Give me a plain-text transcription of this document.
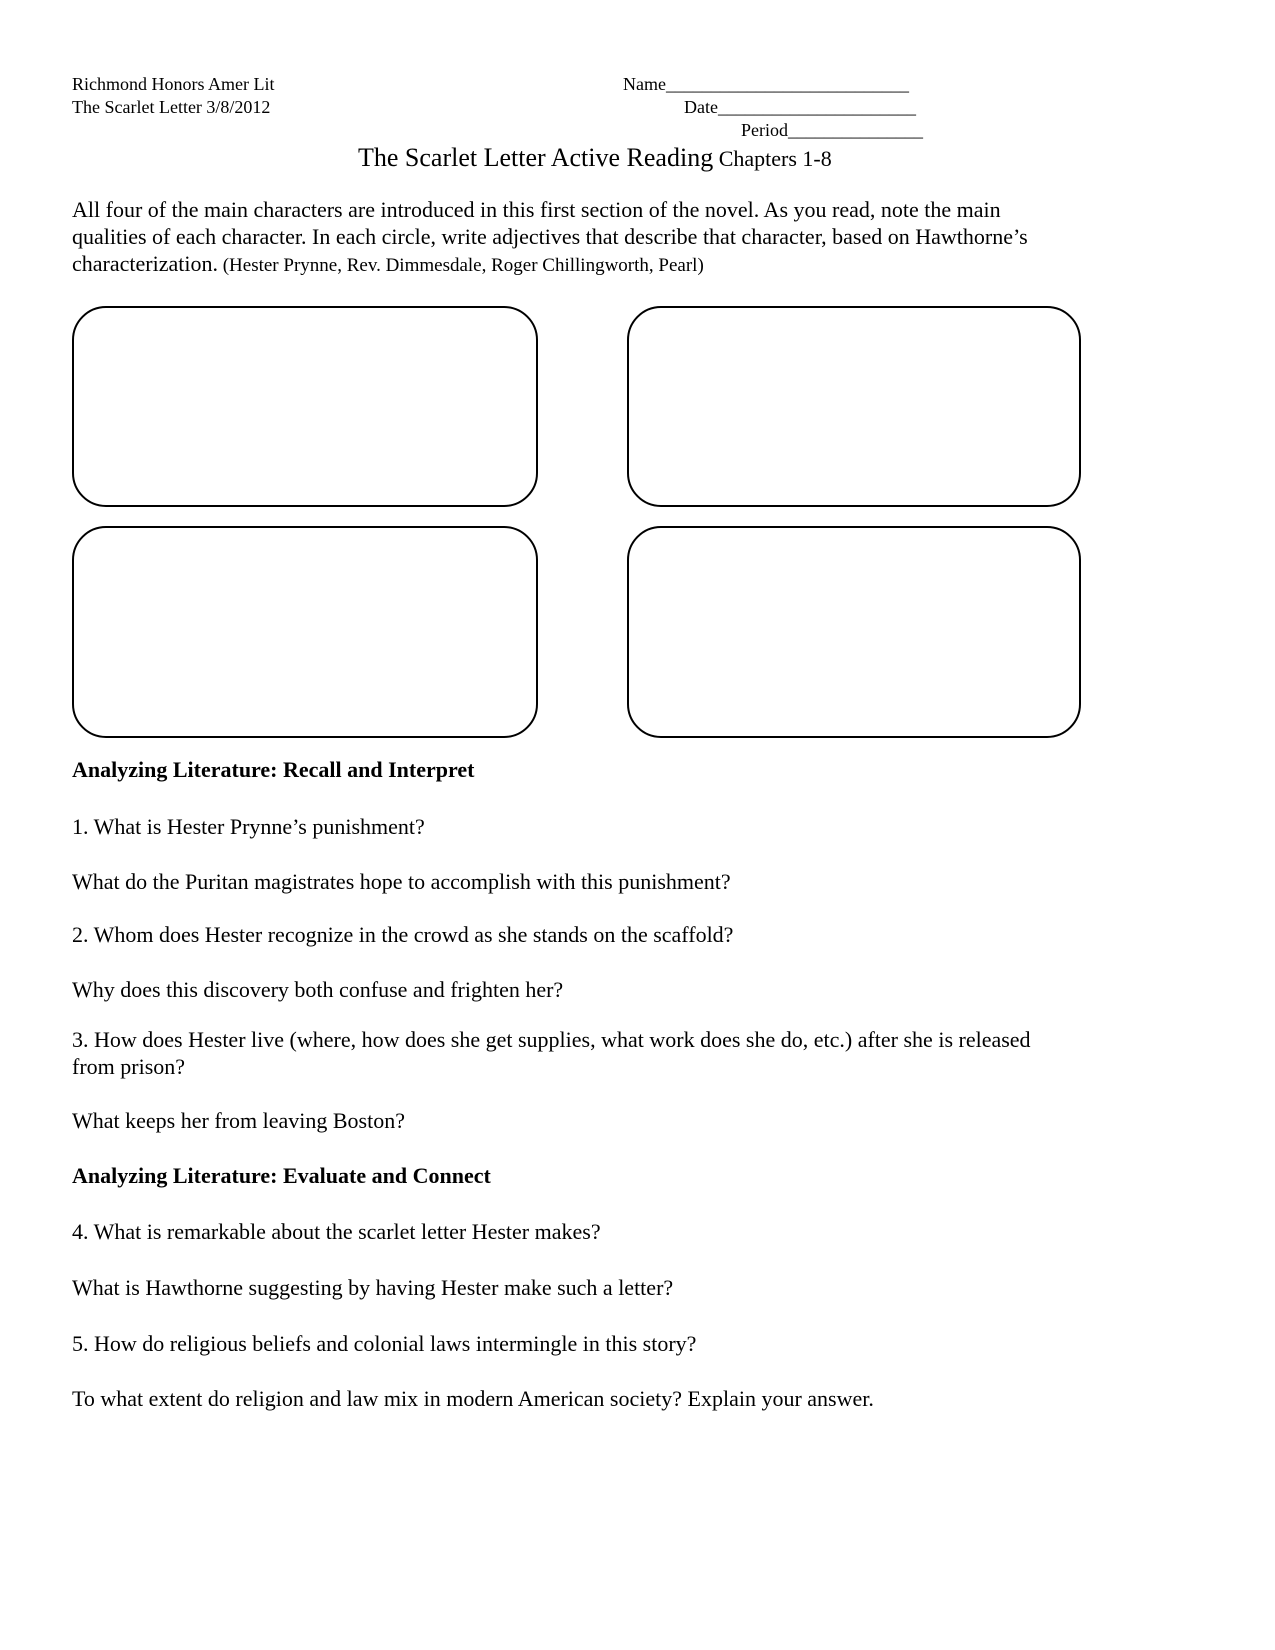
Richmond Honors Amer Lit
The Scarlet Letter 3/8/2012
Name___________________________
Date______________________
Period_______________
The Scarlet Letter Active Reading Chapters 1-8
All four of the main characters are introduced in this first section of the novel. As you read, note the main
qualities of each character. In each circle, write adjectives that describe that character, based on Hawthorne’s
characterization. (Hester Prynne, Rev. Dimmesdale, Roger Chillingworth, Pearl)
Analyzing Literature: Recall and Interpret
1. What is Hester Prynne’s punishment?
What do the Puritan magistrates hope to accomplish with this punishment?
2. Whom does Hester recognize in the crowd as she stands on the scaffold?
Why does this discovery both confuse and frighten her?
3. How does Hester live (where, how does she get supplies, what work does she do, etc.) after she is released
from prison?
What keeps her from leaving Boston?
Analyzing Literature: Evaluate and Connect
4. What is remarkable about the scarlet letter Hester makes?
What is Hawthorne suggesting by having Hester make such a letter?
5. How do religious beliefs and colonial laws intermingle in this story?
To what extent do religion and law mix in modern American society? Explain your answer.
